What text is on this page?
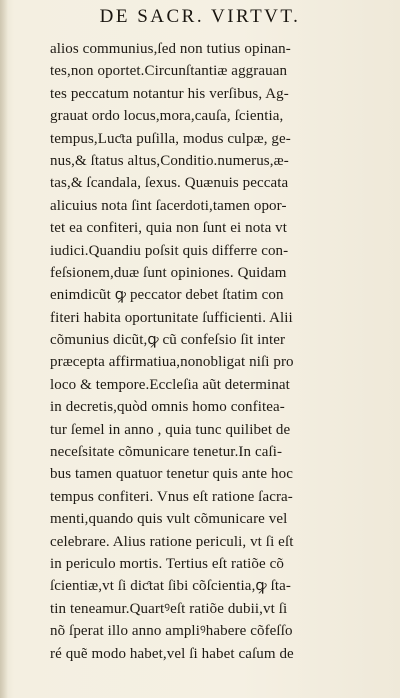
DE SACR. VIRTVT.
alios communius,ſed non tutius opinan-
tes,non oportet.Circunſtantiæ aggrauan
tes peccatum notantur his verſibus, Ag-
grauat ordo locus,mora,cauſa, ſcientia,
tempus,Luƈta puſilla, modus culpæ, ge-
nus,& ſtatus altus,Conditio.numerus,æ-
tas,& ſcandala, ſexus. Quænuis peccata
alicuius nota ſint ſacerdoti,tamen opor-
tet ea confiteri, quia non ſunt ei nota vt
iudici.Quandiu poſsit quis differre con-
feſsionem,duæ ſunt opiniones. Quidam
enimdicũt ꝙ peccator debet ſtatim con
fiteri habita oportunitate ſufficienti. Alii
cõmunius dicũt,ꝙ cũ confeſsio ſit inter
præcepta affirmatiua,nonobligat niſi pro
loco & tempore.Eccleſia aũt determinat
in decretis,quòd omnis homo confitea-
tur ſemel in anno , quia tunc quilibet de
neceſsitate cõmunicare tenetur.In caſi-
bus tamen quatuor tenetur quis ante hoc
tempus confiteri. Vnus eſt ratione ſacra-
menti,quando quis vult cõmunicare vel
celebrare. Alius ratione periculi, vt ſi eſt
in periculo mortis. Tertius eſt ratiõe cõ
ſcientiæ,vt ſi diƈtat ſibi cõſcientia,ꝙ ſta-
tin teneamur.Quartꝰeſt ratiõe dubii,vt ſi
nõ ſperat illo anno ampliꝰhabere cõfeſſo
ré quẽ modo habet,vel ſi habet caſum de
